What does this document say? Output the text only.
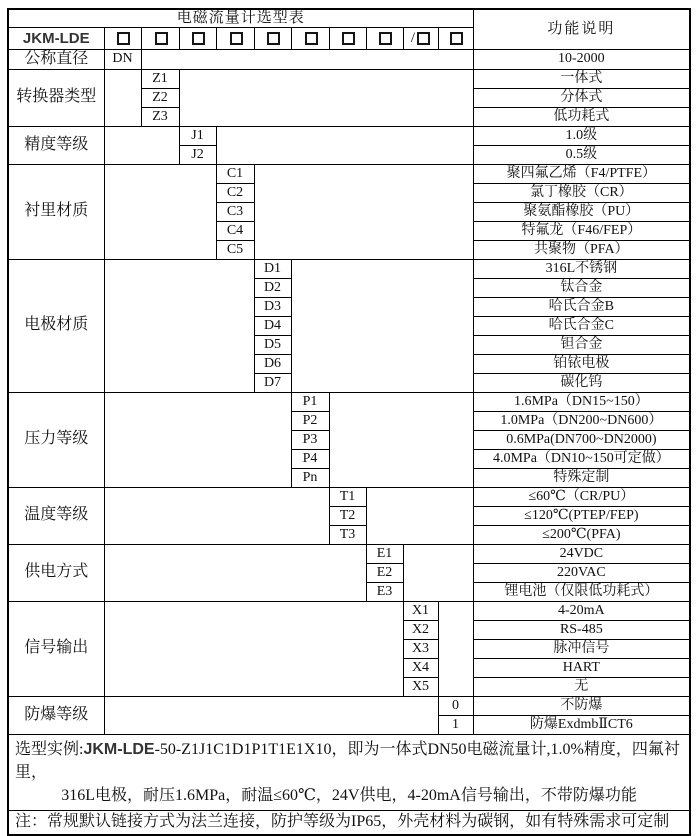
电磁流量计选型表											功能说明
JKM-LDE									/		
公称直径	DN										10-2000
转换器类型		Z1									一体式
		Z2									分体式
		Z3									低功耗式
精度等级			J1								1.0级
			J2								0.5级
衬里材质				C1							聚四氟乙烯（F4/PTFE）
				C2							氯丁橡胶（CR）
				C3							聚氨酯橡胶（PU）
				C4							特氟龙（F46/FEP）
				C5							共聚物（PFA）
电极材质					D1						316L不锈钢
					D2						钛合金
					D3						哈氏合金B
					D4						哈氏合金C
					D5						钽合金
					D6						铂铱电极
					D7						碳化钨
压力等级						P1					1.6MPa（DN15~150）
						P2					1.0MPa（DN200~DN600）
						P3					0.6MPa(DN700~DN2000)
						P4					4.0MPa（DN10~150可定做）
						Pn					特殊定制
温度等级							T1				≤60℃（CR/PU）
							T2				≤120℃(PTEP/FEP)
							T3				≤200℃(PFA)
供电方式								E1			24VDC
								E2			220VAC
								E3			锂电池（仅限低功耗式）
信号输出									X1		4-20mA
									X2		RS-485
									X3		脉冲信号
									X4		HART
									X5		无
防爆等级										0	不防爆
										1	防爆ExdmbⅡCT6

选型实例:JKM-LDE-50-Z1J1C1D1P1T1E1X10，即为一体式DN50电磁流量计,1.0%精度，四氟衬里，
316L电极，耐压1.6MPa，耐温≤60℃，24V供电，4-20mA信号输出，不带防爆功能											

注：常规默认链接方式为法兰连接，防护等级为IP65，外壳材料为碳钢，如有特殊需求可定制											
